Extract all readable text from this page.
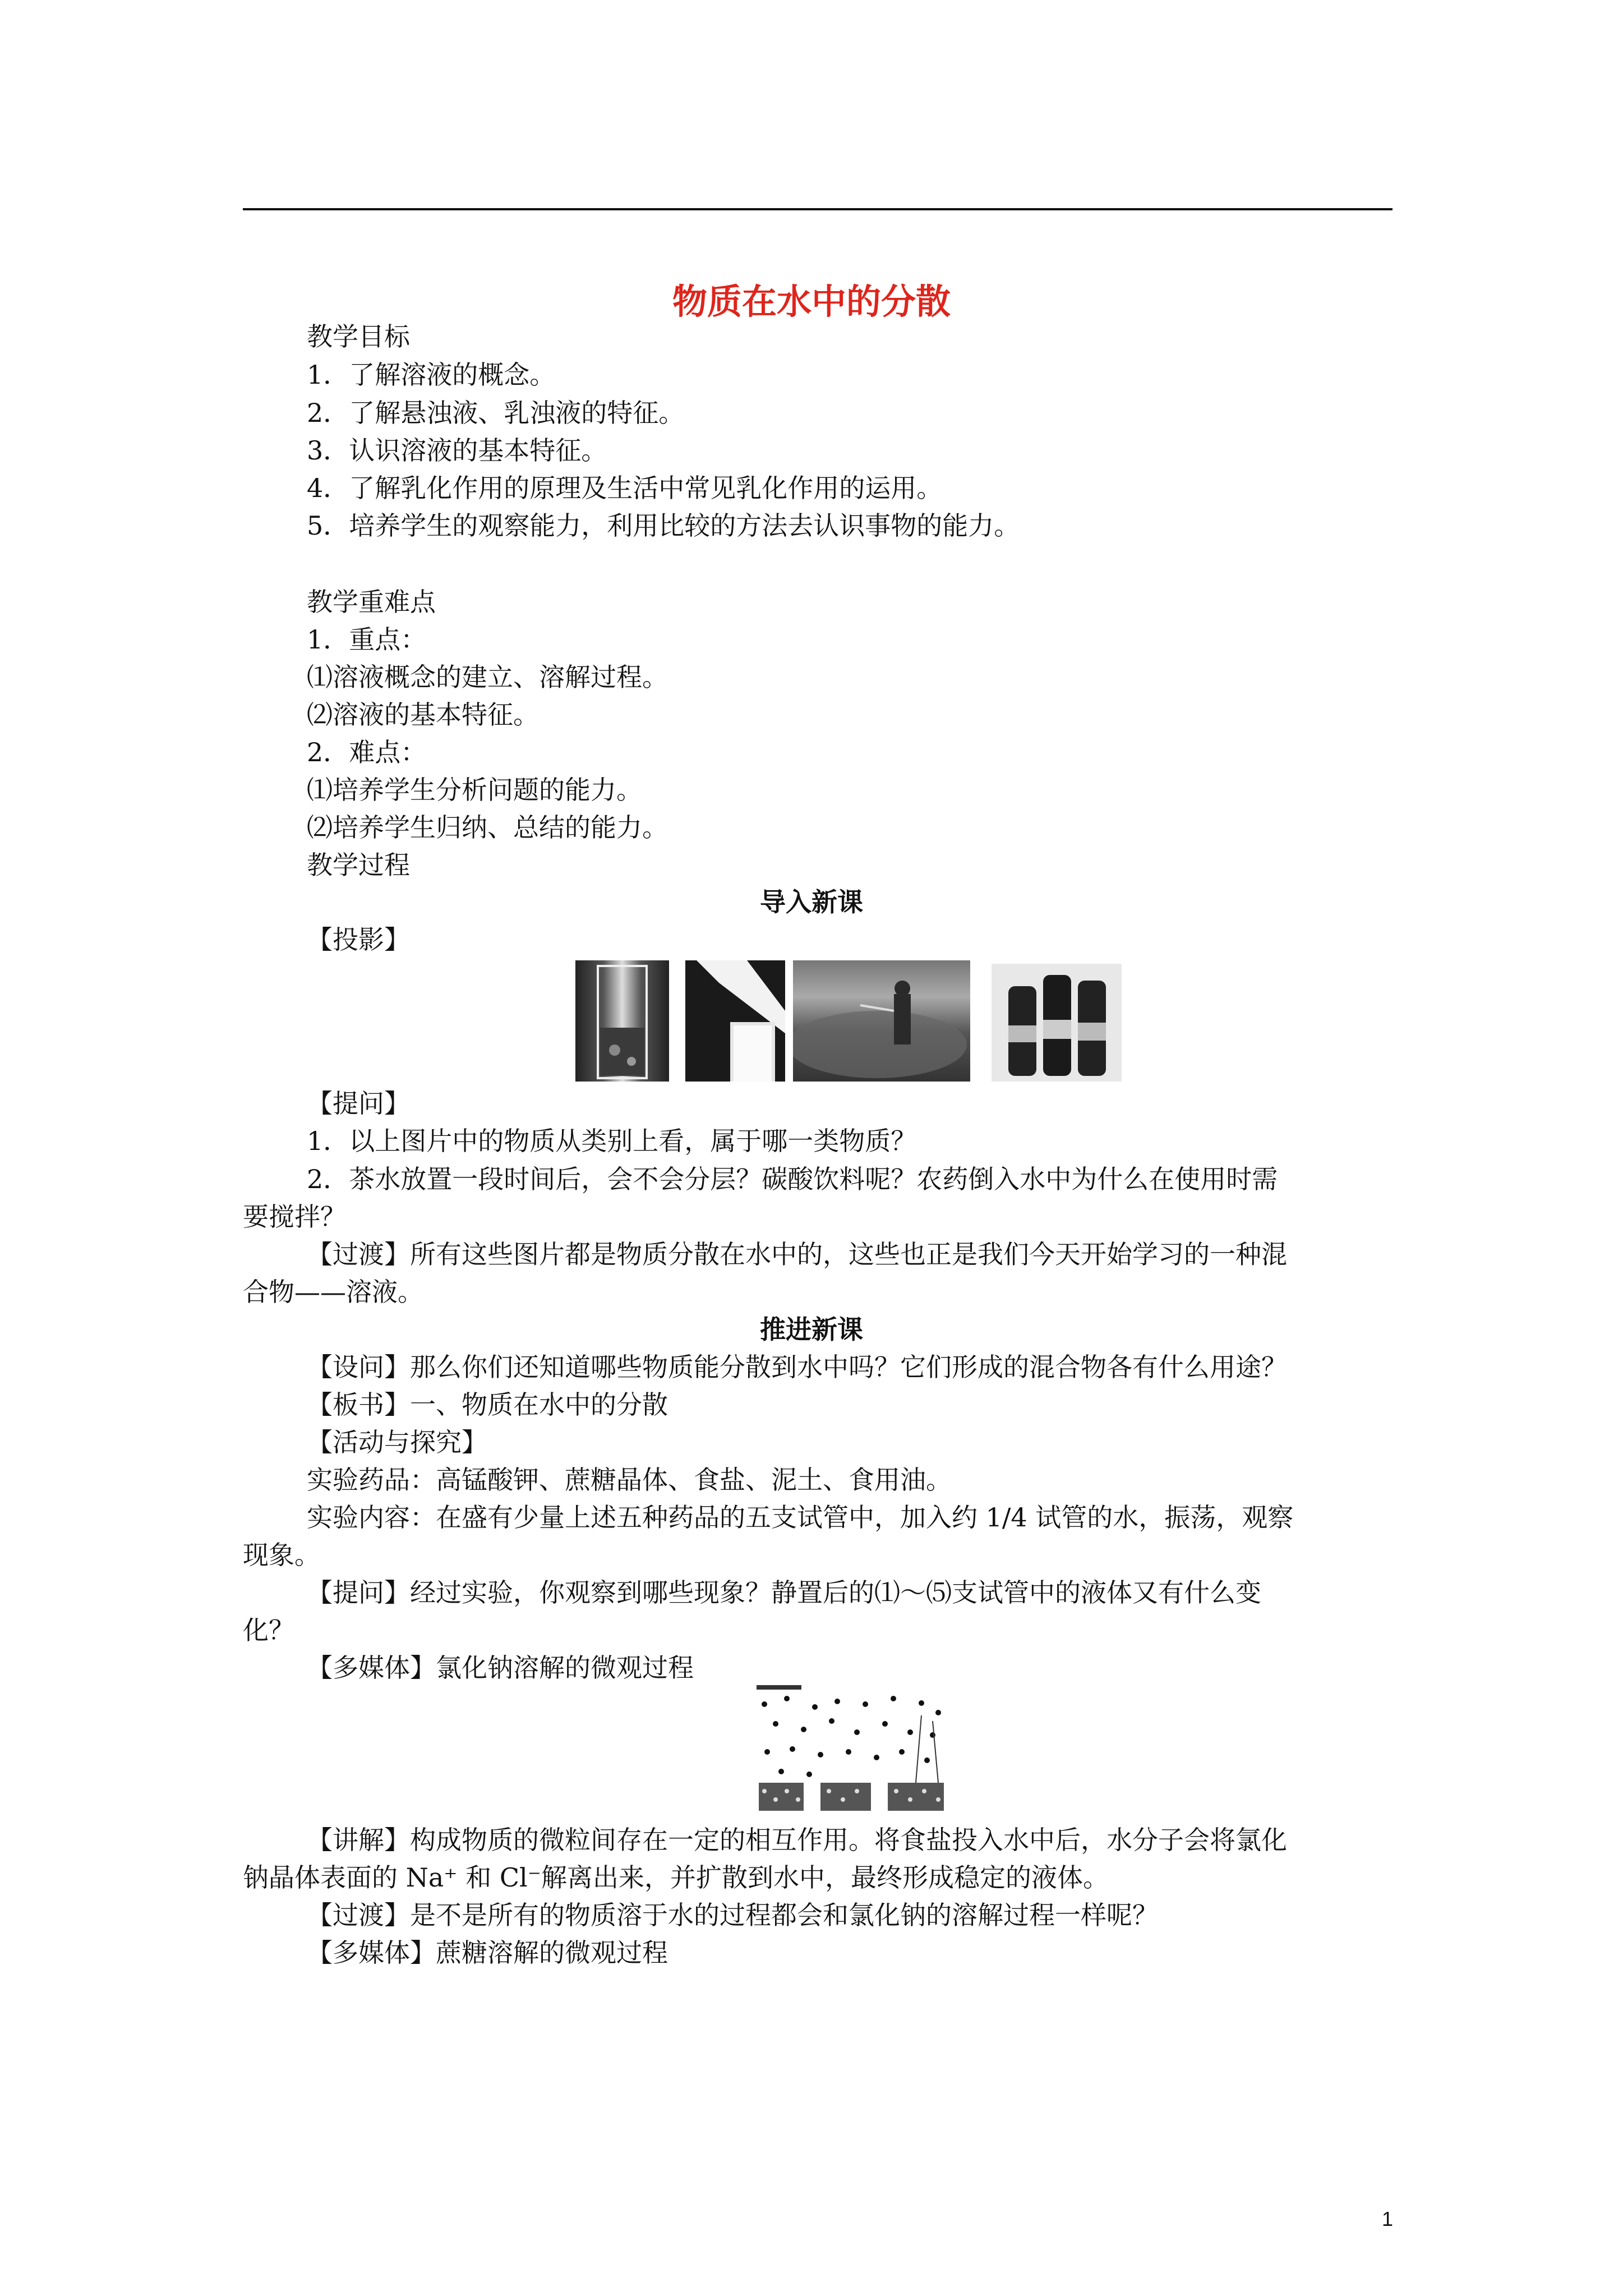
物质在水中的分散
教学目标
1．了解溶液的概念。
2．了解悬浊液、乳浊液的特征。
3．认识溶液的基本特征。
4．了解乳化作用的原理及生活中常见乳化作用的运用。
5．培养学生的观察能力，利用比较的方法去认识事物的能力。
教学重难点
1．重点：
⑴溶液概念的建立、溶解过程。
⑵溶液的基本特征。
2．难点：
⑴培养学生分析问题的能力。
⑵培养学生归纳、总结的能力。
教学过程
导入新课
【投影】
【提问】
1．以上图片中的物质从类别上看，属于哪一类物质？
2．茶水放置一段时间后，会不会分层？碳酸饮料呢？农药倒入水中为什么在使用时需
要搅拌？
【过渡】所有这些图片都是物质分散在水中的，这些也正是我们今天开始学习的一种混
合物——溶液。
推进新课
【设问】那么你们还知道哪些物质能分散到水中吗？它们形成的混合物各有什么用途？
【板书】一、物质在水中的分散
【活动与探究】
实验药品：高锰酸钾、蔗糖晶体、食盐、泥土、食用油。
实验内容：在盛有少量上述五种药品的五支试管中，加入约 1/4 试管的水，振荡，观察
现象。
【提问】经过实验，你观察到哪些现象？静置后的⑴～⑸支试管中的液体又有什么变
化？
【多媒体】氯化钠溶解的微观过程
【讲解】构成物质的微粒间存在一定的相互作用。将食盐投入水中后，水分子会将氯化
钠晶体表面的 Na⁺ 和 Cl⁻解离出来，并扩散到水中，最终形成稳定的液体。
【过渡】是不是所有的物质溶于水的过程都会和氯化钠的溶解过程一样呢？
【多媒体】蔗糖溶解的微观过程
1
